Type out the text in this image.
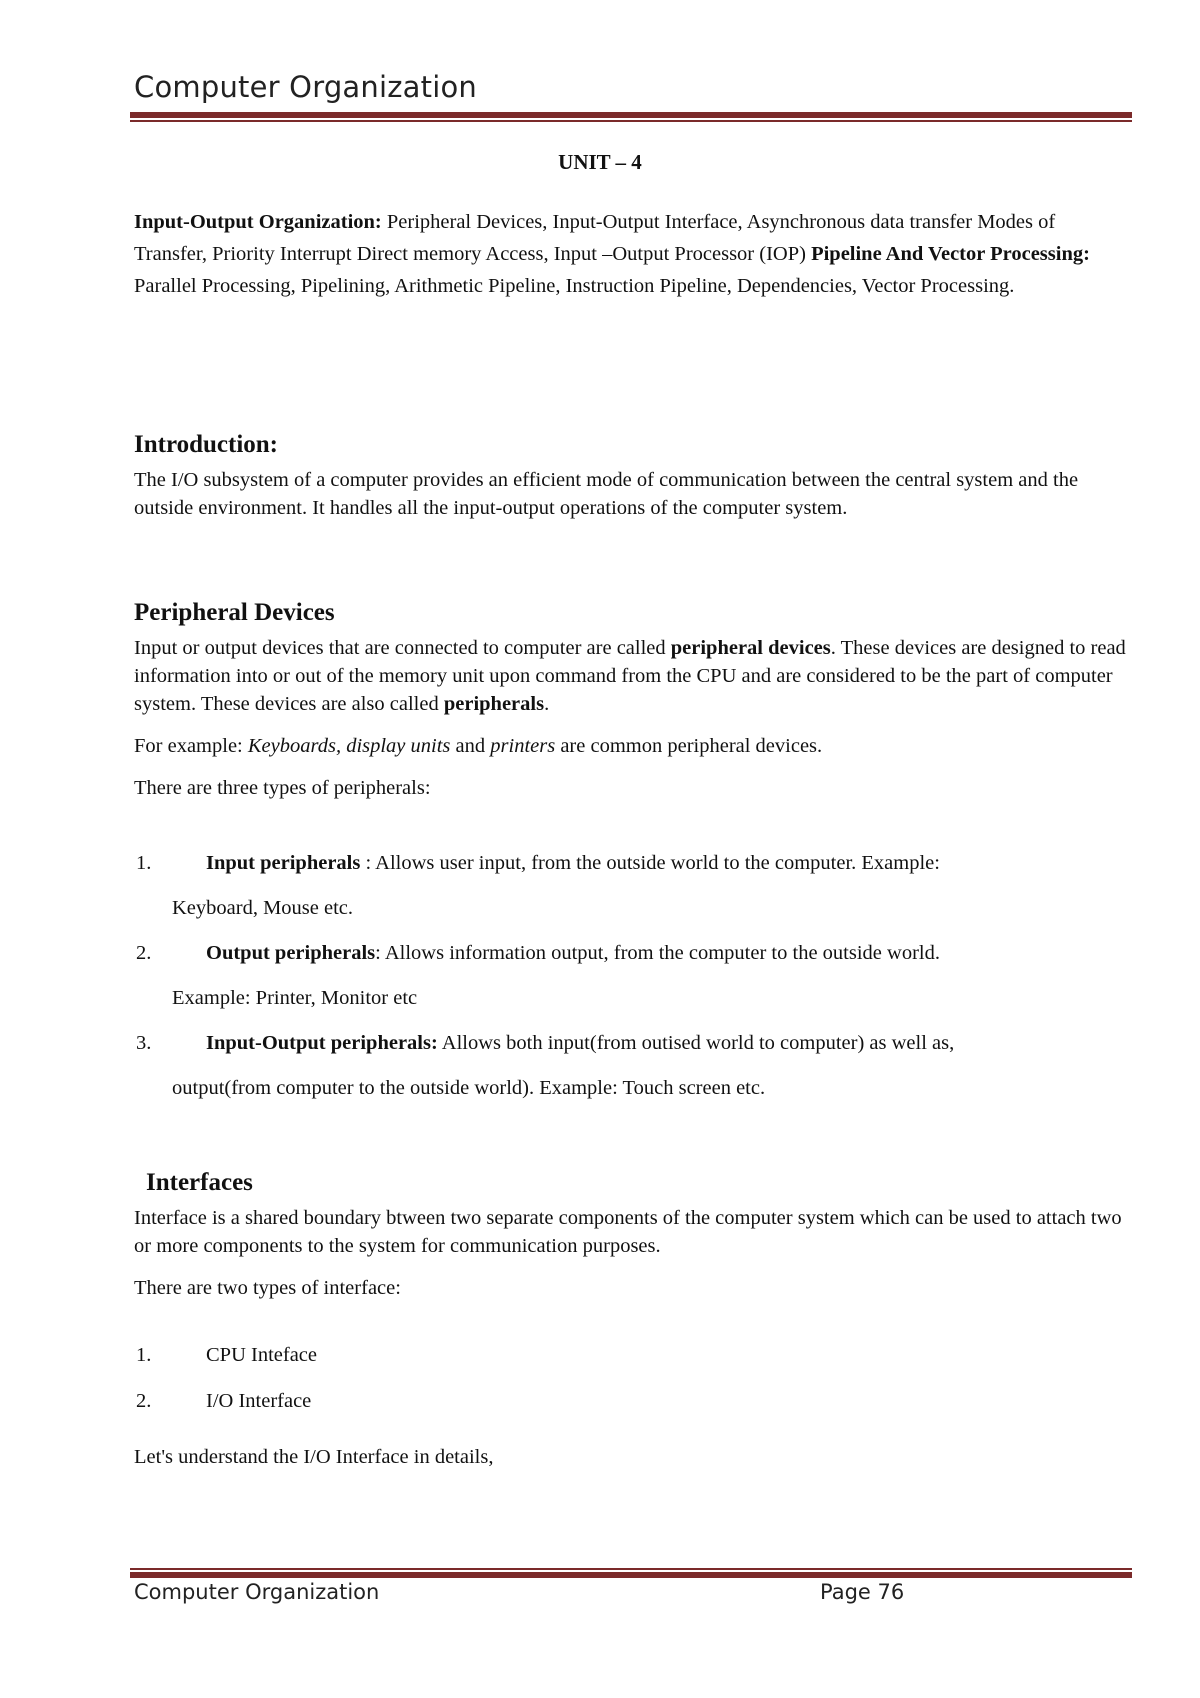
Computer Organization
UNIT – 4

Input-Output Organization: Peripheral Devices, Input-Output Interface, Asynchronous data transfer Modes of Transfer, Priority Interrupt Direct memory Access, Input –Output Processor (IOP) Pipeline And Vector Processing: Parallel Processing, Pipelining, Arithmetic Pipeline, Instruction Pipeline, Dependencies, Vector Processing.

Introduction:

The I/O subsystem of a computer provides an efficient mode of communication between the central system and the outside environment. It handles all the input-output operations of the computer system.

Peripheral Devices

Input or output devices that are connected to computer are called peripheral devices. These devices are designed to read information into or out of the memory unit upon command from the CPU and are considered to be the part of computer system. These devices are also called peripherals.

For example: Keyboards, display units and printers are common peripheral devices.

There are three types of peripherals:

1.	Input peripherals : Allows user input, from the outside world to the computer. Example:
Keyboard, Mouse etc.
2.	Output peripherals: Allows information output, from the computer to the outside world.
Example: Printer, Monitor etc
3.	Input-Output peripherals: Allows both input(from outised world to computer) as well as,
output(from computer to the outside world). Example: Touch screen etc.
Interfaces

Interface is a shared boundary btween two separate components of the computer system which can be used to attach two or more components to the system for communication purposes.

There are two types of interface:

1.	CPU Inteface
2.	I/O Interface
Let's understand the I/O Interface in details,
Computer Organization	Page 76
